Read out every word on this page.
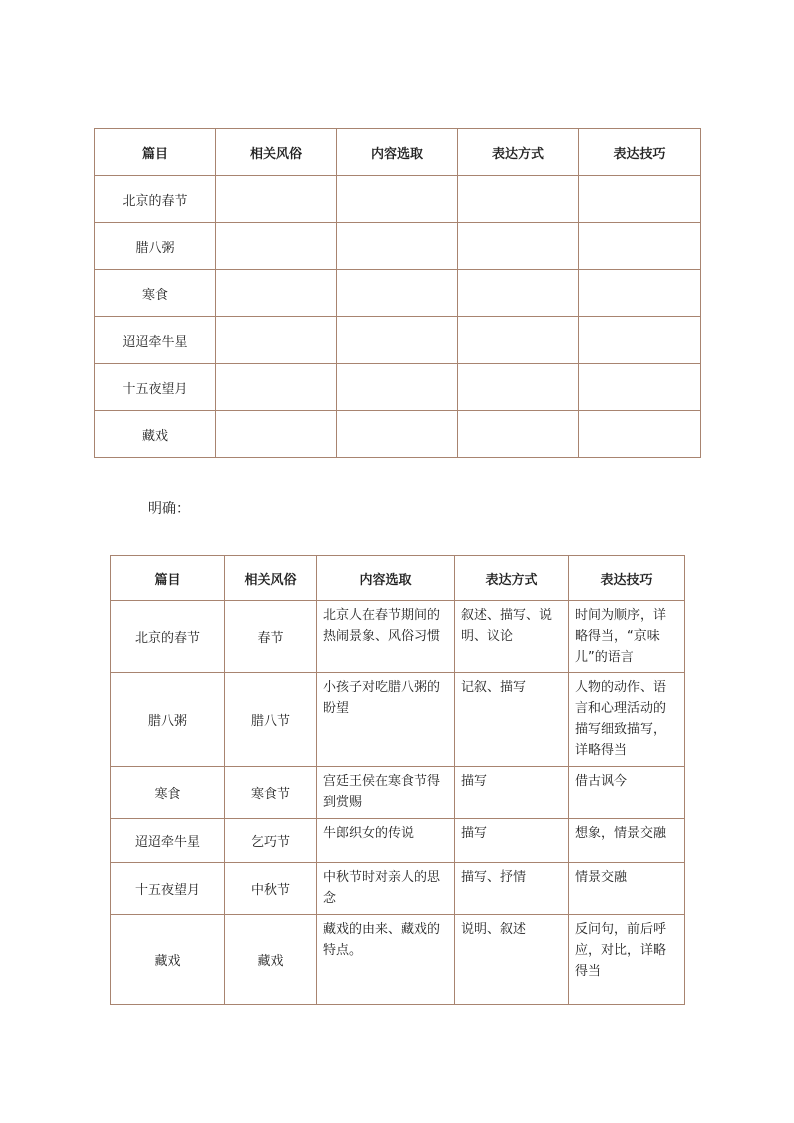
篇目	相关风俗	内容选取	表达方式	表达技巧
北京的春节				
腊八粥				
寒食				
迢迢牵牛星				
十五夜望月				
藏戏				
明确：
篇目	相关风俗	内容选取	表达方式	表达技巧
北京的春节	春节	北京人在春节期间的热闹景象、风俗习惯	叙述、描写、说明、议论	时间为顺序，详略得当，“京味儿”的语言
腊八粥	腊八节	小孩子对吃腊八粥的盼望	记叙、描写	人物的动作、语言和心理活动的描写细致描写，详略得当
寒食	寒食节	宫廷王侯在寒食节得到赏赐	描写	借古讽今
迢迢牵牛星	乞巧节	牛郎织女的传说	描写	想象，情景交融
十五夜望月	中秋节	中秋节时对亲人的思念	描写、抒情	情景交融
藏戏	藏戏	藏戏的由来、藏戏的特点。	说明、叙述	反问句，前后呼应，对比，详略得当
